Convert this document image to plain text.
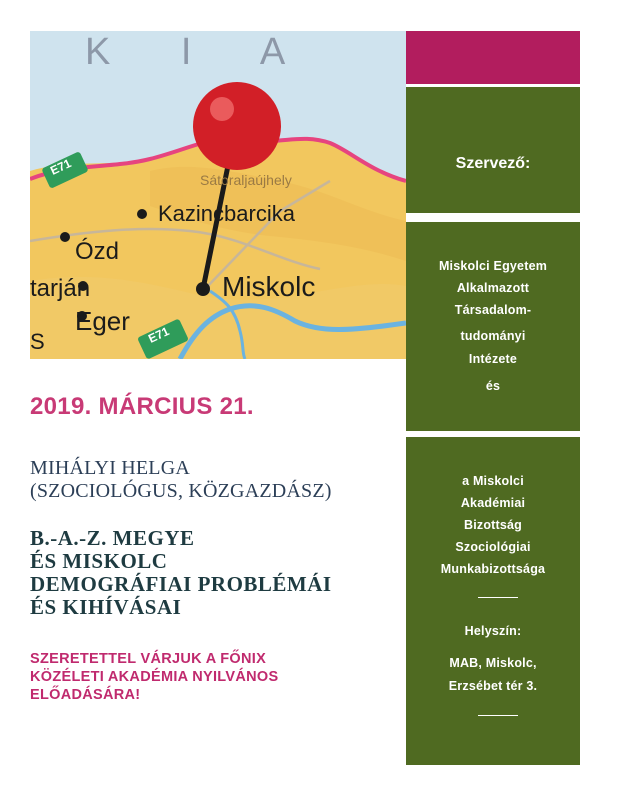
K I A
Sátoraljaújhely
E71
Kazincbarcika
Ózd
Miskolc
tarján
Eger
S	E71
Szervező:
Miskolci Egyetem
Alkalmazott
Társadalom-
tudományi
Intézete
és
a Miskolci
Akadémiai
Bizottság
Szociológiai
Munkabizottsága
Helyszín:
MAB, Miskolc,
Erzsébet tér 3.
2019. MÁRCIUS 21.
MIHÁLYI HELGA
(SZOCIOLÓGUS, KÖZGAZDÁSZ)
B.-A.-Z. MEGYE
ÉS MISKOLC
DEMOGRÁFIAI PROBLÉMÁI
ÉS KIHÍVÁSAI
SZERETETTEL VÁRJUK A FŐNIX
KÖZÉLETI AKADÉMIA NYILVÁNOS
ELŐADÁSÁRA!
